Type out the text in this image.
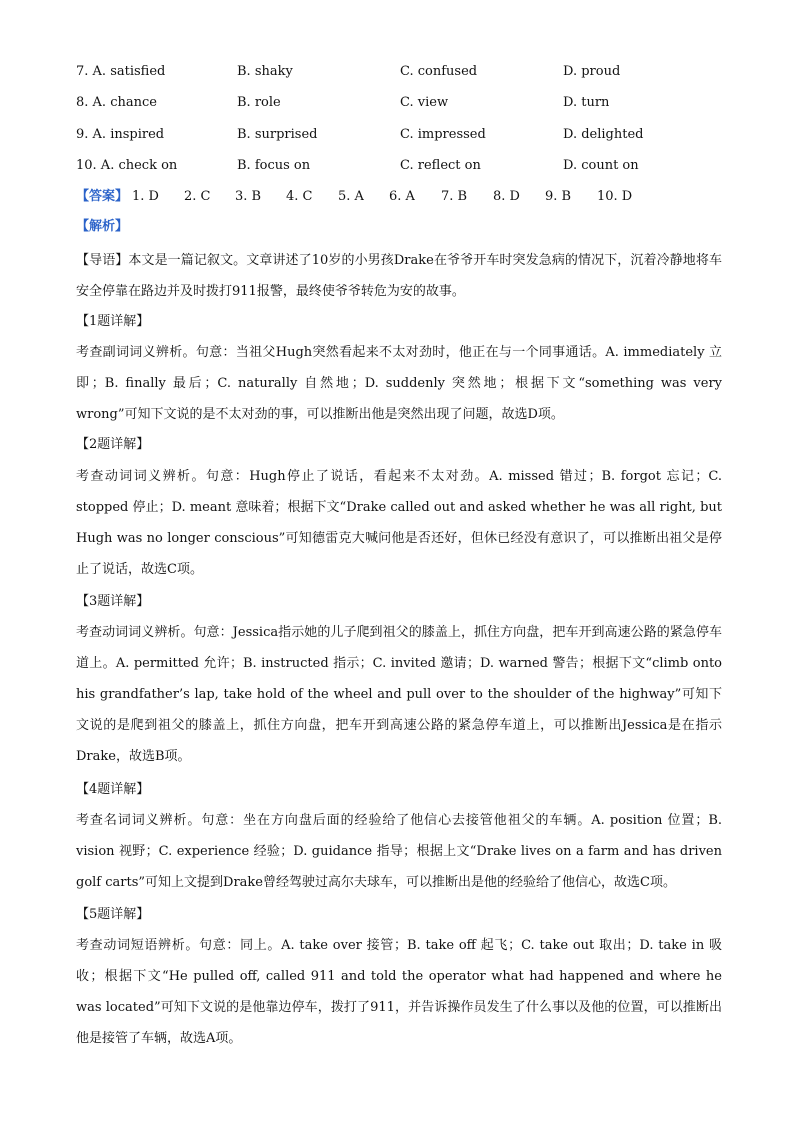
7. A. satisfied	B. shaky	C. confused	D. proud
8. A. chance	B. role	C. view	D. turn
9. A. inspired	B. surprised	C. impressed	D. delighted
10. A. check on	B. focus on	C. reflect on	D. count on
【答案】 1. D 2. C 3. B 4. C 5. A 6. A 7. B 8. D 9. B 10. D
【解析】

【导语】本文是一篇记叙文。文章讲述了10岁的小男孩Drake在爷爷开车时突发急病的情况下，沉着冷静地将车安全停靠在路边并及时拨打911报警，最终使爷爷转危为安的故事。

【1题详解】

考查副词词义辨析。句意：当祖父Hugh突然看起来不太对劲时，他正在与一个同事通话。A. immediately 立即；B. finally 最后；C. naturally 自然地；D. suddenly 突然地；根据下文“something was very wrong”可知下文说的是不太对劲的事，可以推断出他是突然出现了问题，故选D项。

【2题详解】

考查动词词义辨析。句意：Hugh停止了说话，看起来不太对劲。A. missed 错过；B. forgot 忘记；C. stopped 停止；D. meant 意味着；根据下文“Drake called out and asked whether he was all right, but Hugh was no longer conscious”可知德雷克大喊问他是否还好，但休已经没有意识了，可以推断出祖父是停止了说话，故选C项。

【3题详解】

考查动词词义辨析。句意：Jessica指示她的儿子爬到祖父的膝盖上，抓住方向盘，把车开到高速公路的紧急停车道上。A. permitted 允许；B. instructed 指示；C. invited 邀请；D. warned 警告；根据下文“climb onto his grandfather’s lap, take hold of the wheel and pull over to the shoulder of the highway”可知下文说的是爬到祖父的膝盖上，抓住方向盘，把车开到高速公路的紧急停车道上，可以推断出Jessica是在指示Drake，故选B项。

【4题详解】

考查名词词义辨析。句意：坐在方向盘后面的经验给了他信心去接管他祖父的车辆。A. position 位置；B. vision 视野；C. experience 经验；D. guidance 指导；根据上文“Drake lives on a farm and has driven golf carts”可知上文提到Drake曾经驾驶过高尔夫球车，可以推断出是他的经验给了他信心，故选C项。

【5题详解】

考查动词短语辨析。句意：同上。A. take over 接管；B. take off 起飞；C. take out 取出；D. take in 吸收；根据下文“He pulled off, called 911 and told the operator what had happened and where he was located”可知下文说的是他靠边停车，拨打了911，并告诉操作员发生了什么事以及他的位置，可以推断出他是接管了车辆，故选A项。
